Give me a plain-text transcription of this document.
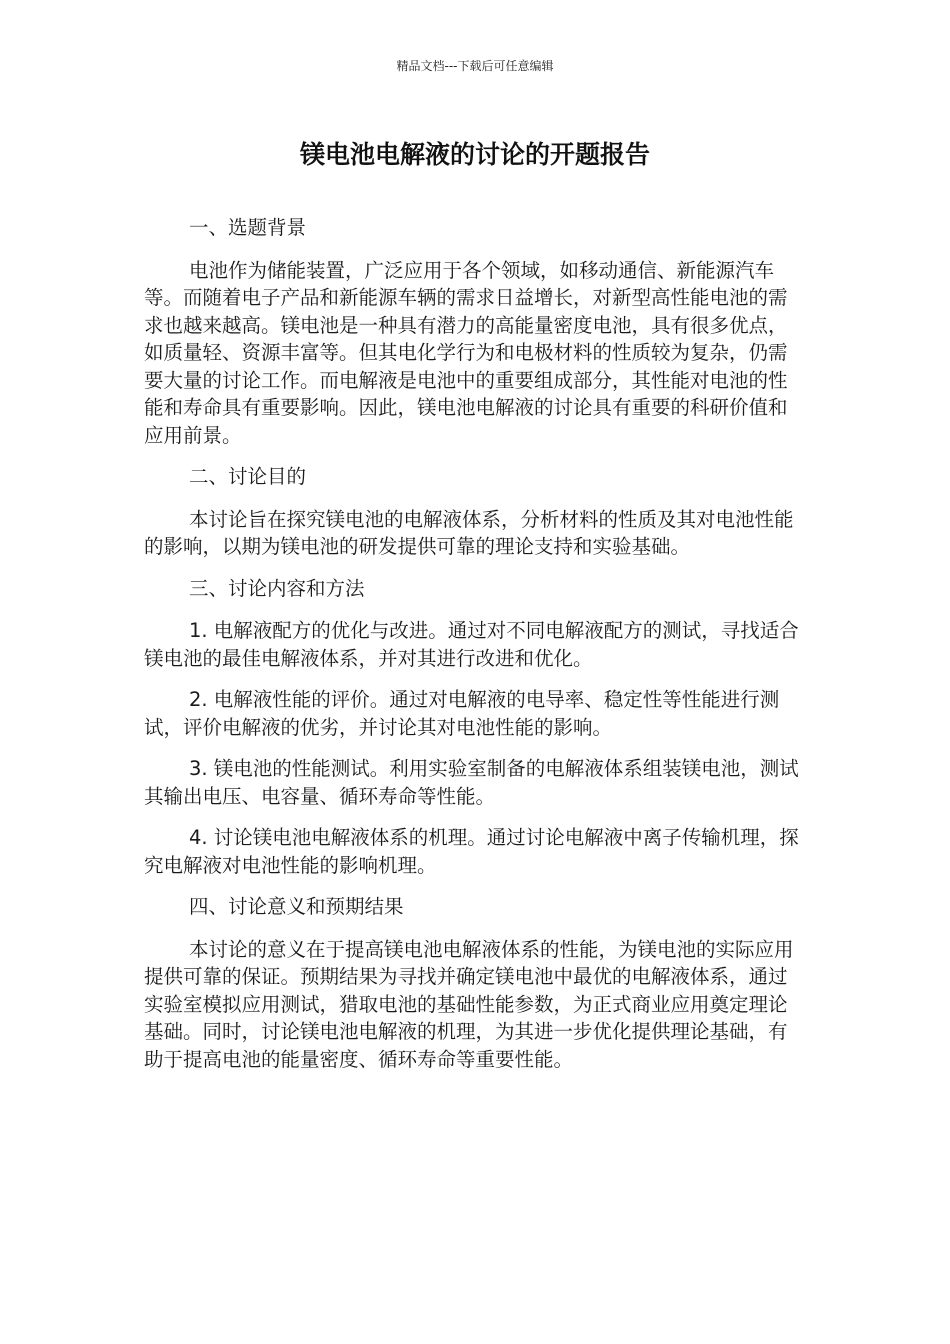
精品文档---下载后可任意编辑
镁电池电解液的讨论的开题报告

一、选题背景

电池作为储能装置，广泛应用于各个领域，如移动通信、新能源汽车等。而随着电子产品和新能源车辆的需求日益增长，对新型高性能电池的需求也越来越高。镁电池是一种具有潜力的高能量密度电池，具有很多优点，如质量轻、资源丰富等。但其电化学行为和电极材料的性质较为复杂，仍需要大量的讨论工作。而电解液是电池中的重要组成部分，其性能对电池的性能和寿命具有重要影响。因此，镁电池电解液的讨论具有重要的科研价值和应用前景。

二、讨论目的

本讨论旨在探究镁电池的电解液体系，分析材料的性质及其对电池性能的影响，以期为镁电池的研发提供可靠的理论支持和实验基础。

三、讨论内容和方法

1. 电解液配方的优化与改进。通过对不同电解液配方的测试，寻找适合镁电池的最佳电解液体系，并对其进行改进和优化。

2. 电解液性能的评价。通过对电解液的电导率、稳定性等性能进行测试，评价电解液的优劣，并讨论其对电池性能的影响。

3. 镁电池的性能测试。利用实验室制备的电解液体系组装镁电池，测试其输出电压、电容量、循环寿命等性能。

4. 讨论镁电池电解液体系的机理。通过讨论电解液中离子传输机理，探究电解液对电池性能的影响机理。

四、讨论意义和预期结果

本讨论的意义在于提高镁电池电解液体系的性能，为镁电池的实际应用提供可靠的保证。预期结果为寻找并确定镁电池中最优的电解液体系，通过实验室模拟应用测试，猎取电池的基础性能参数，为正式商业应用奠定理论基础。同时，讨论镁电池电解液的机理，为其进一步优化提供理论基础，有助于提高电池的能量密度、循环寿命等重要性能。
